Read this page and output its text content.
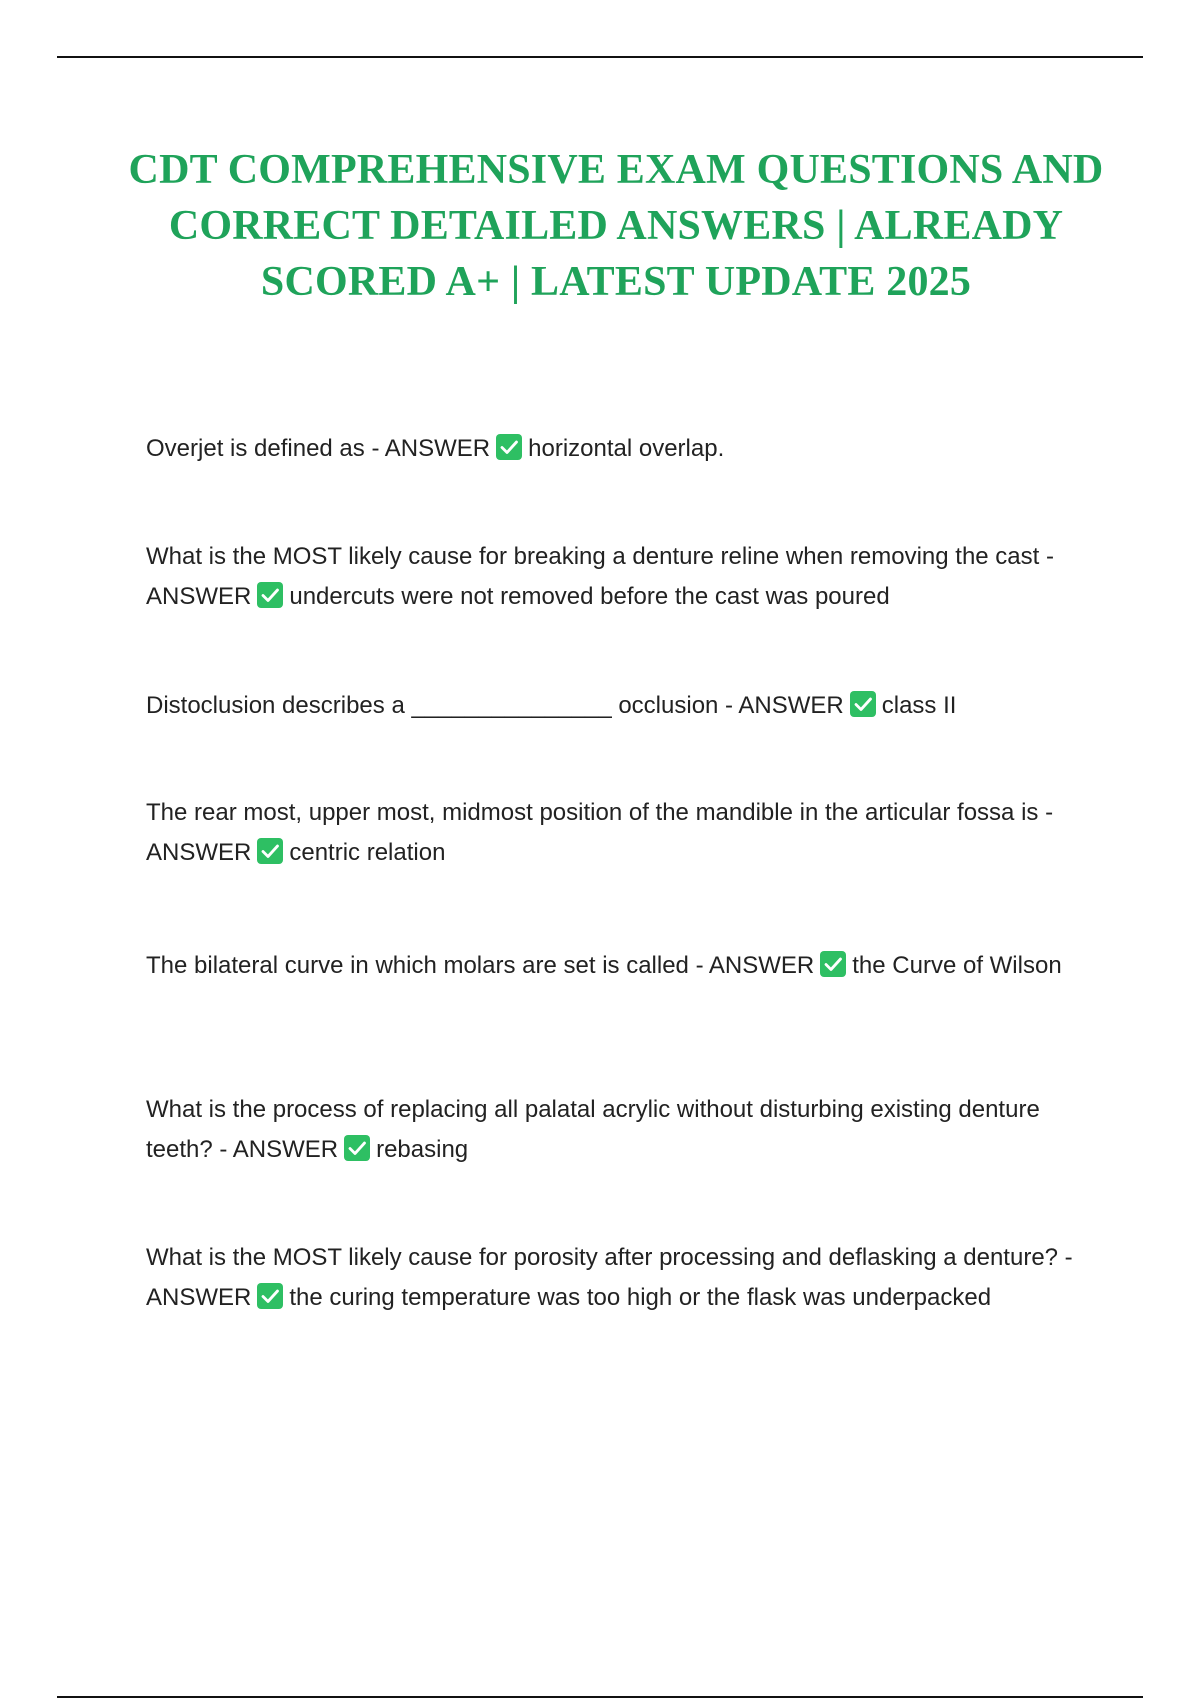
CDT COMPREHENSIVE EXAM QUESTIONS AND CORRECT DETAILED ANSWERS | ALREADY SCORED A+ | LATEST UPDATE 2025
Overjet is defined as - ANSWER horizontal overlap.
What is the MOST likely cause for breaking a denture reline when removing the cast - ANSWER undercuts were not removed before the cast was poured
Distoclusion describes a _______________ occlusion - ANSWER class II
The rear most, upper most, midmost position of the mandible in the articular fossa is - ANSWER centric relation
The bilateral curve in which molars are set is called - ANSWER the Curve of Wilson
What is the process of replacing all palatal acrylic without disturbing existing denture teeth? - ANSWER rebasing
What is the MOST likely cause for porosity after processing and deflasking a denture? - ANSWER the curing temperature was too high or the flask was underpacked
